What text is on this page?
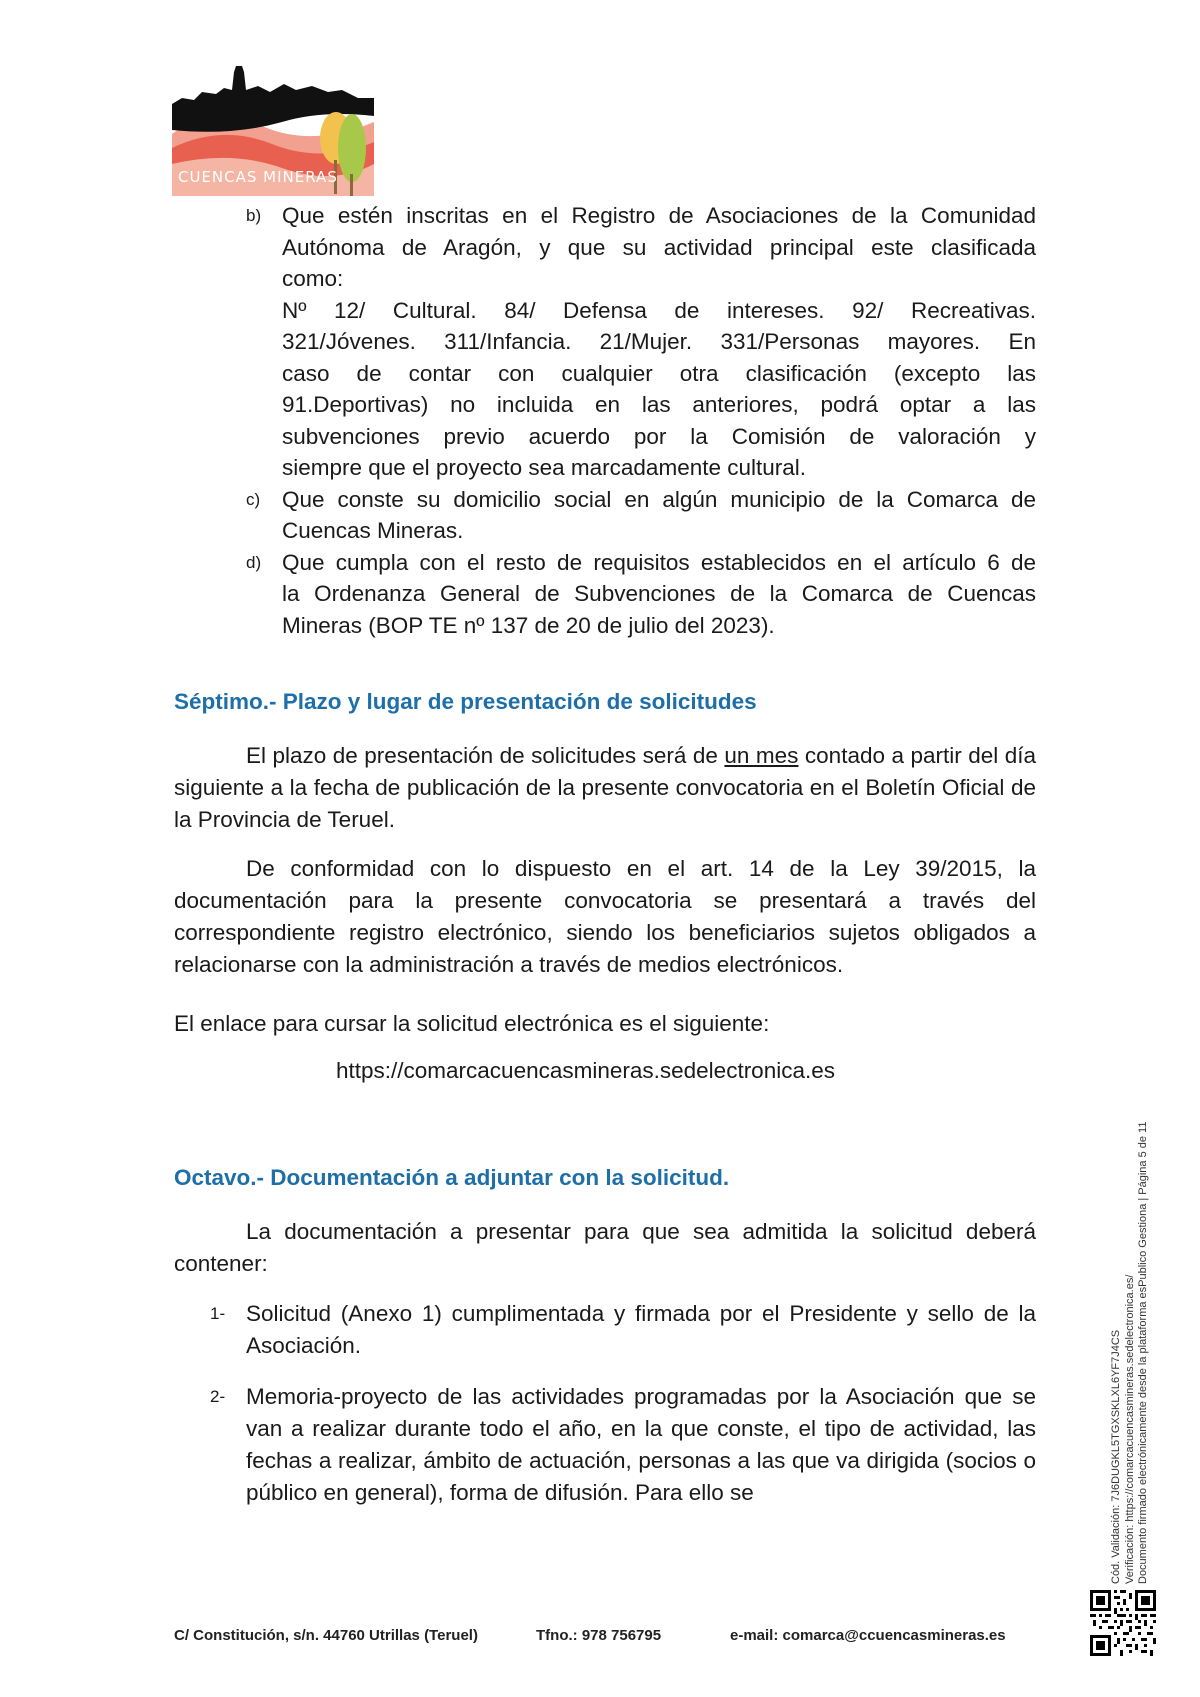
CUENCAS MINERAS
b) Que estén inscritas en el Registro de Asociaciones de la Comunidad
Autónoma de Aragón, y que su actividad principal este clasificada
como:
Nº 12/ Cultural. 84/ Defensa de intereses. 92/ Recreativas.
321/Jóvenes. 311/Infancia. 21/Mujer. 331/Personas mayores. En
caso de contar con cualquier otra clasificación (excepto las
91.Deportivas) no incluida en las anteriores, podrá optar a las
subvenciones previo acuerdo por la Comisión de valoración y
siempre que el proyecto sea marcadamente cultural.
c) Que conste su domicilio social en algún municipio de la Comarca de
Cuencas Mineras.
d) Que cumpla con el resto de requisitos establecidos en el artículo 6 de
la Ordenanza General de Subvenciones de la Comarca de Cuencas
Mineras (BOP TE nº 137 de 20 de julio del 2023).
Séptimo.- Plazo y lugar de presentación de solicitudes
El plazo de presentación de solicitudes será de un mes contado a partir del día siguiente a la fecha de publicación de la presente convocatoria en el Boletín Oficial de la Provincia de Teruel.
De conformidad con lo dispuesto en el art. 14 de la Ley 39/2015, la documentación para la presente convocatoria se presentará a través del correspondiente registro electrónico, siendo los beneficiarios sujetos obligados a relacionarse con la administración a través de medios electrónicos.
El enlace para cursar la solicitud electrónica es el siguiente:
https://comarcacuencasmineras.sedelectronica.es
Octavo.- Documentación a adjuntar con la solicitud.
La documentación a presentar para que sea admitida la solicitud deberá contener:
1- Solicitud (Anexo 1) cumplimentada y firmada por el Presidente y sello de la Asociación.
2- Memoria-proyecto de las actividades programadas por la Asociación que se van a realizar durante todo el año, en la que conste, el tipo de actividad, las fechas a realizar, ámbito de actuación, personas a las que va dirigida (socios o público en general), forma de difusión. Para ello se
C/ Constitución, s/n. 44760 Utrillas (Teruel)	Tfno.: 978 756795	e-mail: comarca@ccuencasmineras.es
Cód. Validación: 7J6DUGKL5TGXSKLXL6YF7J4CS Verificación: https://comarcacuencasmineras.sedelectronica.es/ Documento firmado electrónicamente desde la plataforma esPublico Gestiona | Página 5 de 11
